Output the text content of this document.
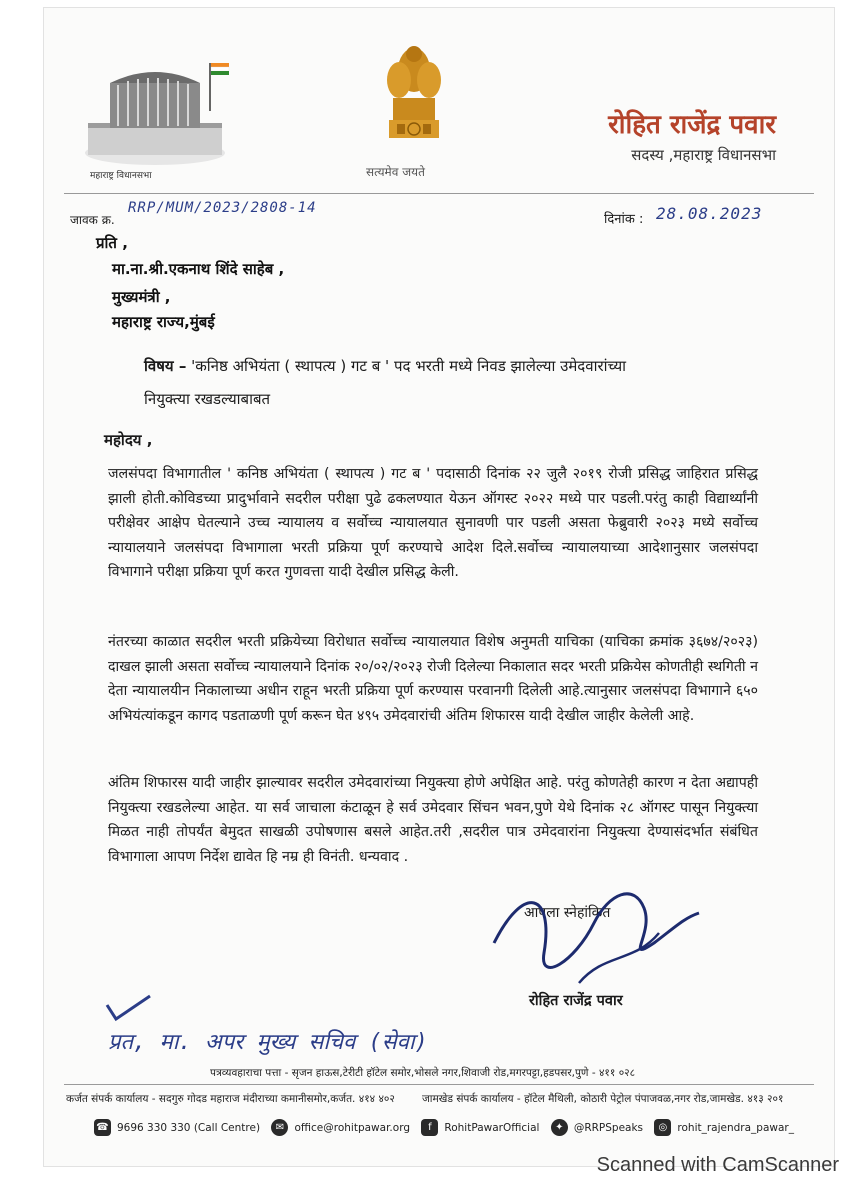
महाराष्ट्र विधानसभा	सत्यमेव जयते
रोहित राजेंद्र पवार
सदस्य ,महाराष्ट्र विधानसभा
जावक क्र.
RRP/MUM/2023/2808-14
दिनांक : 28.08.2023
प्रति ,
मा.ना.श्री.एकनाथ शिंदे साहेब ,
मुख्यमंत्री ,
महाराष्ट्र राज्य,मुंबई
विषय – 'कनिष्ठ अभियंता ( स्थापत्य ) गट ब ' पद भरती मध्ये निवड झालेल्या उमेदवारांच्या
नियुक्त्या रखडल्याबाबत
महोदय ,
जलसंपदा विभागातील ' कनिष्ठ अभियंता ( स्थापत्य ) गट ब ' पदासाठी दिनांक २२ जुलै २०१९ रोजी प्रसिद्ध जाहिरात प्रसिद्ध झाली होती.कोविडच्या प्रादुर्भावाने सदरील परीक्षा पुढे ढकलण्यात येऊन ऑगस्ट २०२२ मध्ये पार पडली.परंतु काही विद्यार्थ्यांनी परीक्षेवर आक्षेप घेतल्याने उच्च न्यायालय व सर्वोच्च न्यायालयात सुनावणी पार पडली असता फेब्रुवारी २०२३ मध्ये सर्वोच्च न्यायालयाने जलसंपदा विभागाला भरती प्रक्रिया पूर्ण करण्याचे आदेश दिले.सर्वोच्च न्यायालयाच्या आदेशानुसार जलसंपदा विभागाने परीक्षा प्रक्रिया पूर्ण करत गुणवत्ता यादी देखील प्रसिद्ध केली.
नंतरच्या काळात सदरील भरती प्रक्रियेच्या विरोधात सर्वोच्च न्यायालयात विशेष अनुमती याचिका (याचिका क्रमांक ३६७४/२०२३) दाखल झाली असता सर्वोच्च न्यायालयाने दिनांक २०/०२/२०२३ रोजी दिलेल्या निकालात सदर भरती प्रक्रियेस कोणतीही स्थगिती न देता न्यायालयीन निकालाच्या अधीन राहून भरती प्रक्रिया पूर्ण करण्यास परवानगी दिलेली आहे.त्यानुसार जलसंपदा विभागाने ६५० अभियंत्यांकडून कागद पडताळणी पूर्ण करून घेत ४९५ उमेदवारांची अंतिम शिफारस यादी देखील जाहीर केलेली आहे.
अंतिम शिफारस यादी जाहीर झाल्यावर सदरील उमेदवारांच्या नियुक्त्या होणे अपेक्षित आहे. परंतु कोणतेही कारण न देता अद्यापही नियुक्त्या रखडलेल्या आहेत. या सर्व जाचाला कंटाळून हे सर्व उमेदवार सिंचन भवन,पुणे येथे दिनांक २८ ऑगस्ट पासून नियुक्त्या मिळत नाही तोपर्यंत बेमुदत साखळी उपोषणास बसले आहेत.तरी ,सदरील पात्र उमेदवारांना नियुक्त्या देण्यासंदर्भात संबंधित विभागाला आपण निर्देश द्यावेत हि नम्र ही विनंती. धन्यवाद .
आपला स्नेहांकित
रोहित राजेंद्र पवार
प्रत, मा. अपर मुख्य सचिव (सेवा)
पत्रव्यवहाराचा पत्ता - सृजन हाऊस,टेरीटी हॉटेल समोर,भोसले नगर,शिवाजी रोड,मगरपट्टा,हडपसर,पुणे - ४११ ०२८
कर्जत संपर्क कार्यालय - सदगुरु गोदड महाराज मंदीराच्या कमानीसमोर,कर्जत. ४१४ ४०२	जामखेड संपर्क कार्यालय - हॉटेल मैथिली, कोठारी पेट्रोल पंपाजवळ,नगर रोड,जामखेड. ४१३ २०१
☎ 9696 330 330 (Call Centre)	✉ office@rohitpawar.org	f	RohitPawarOfficial	✦ @RRPSpeaks	◎ rohit_rajendra_pawar_
Scanned with CamScanner
